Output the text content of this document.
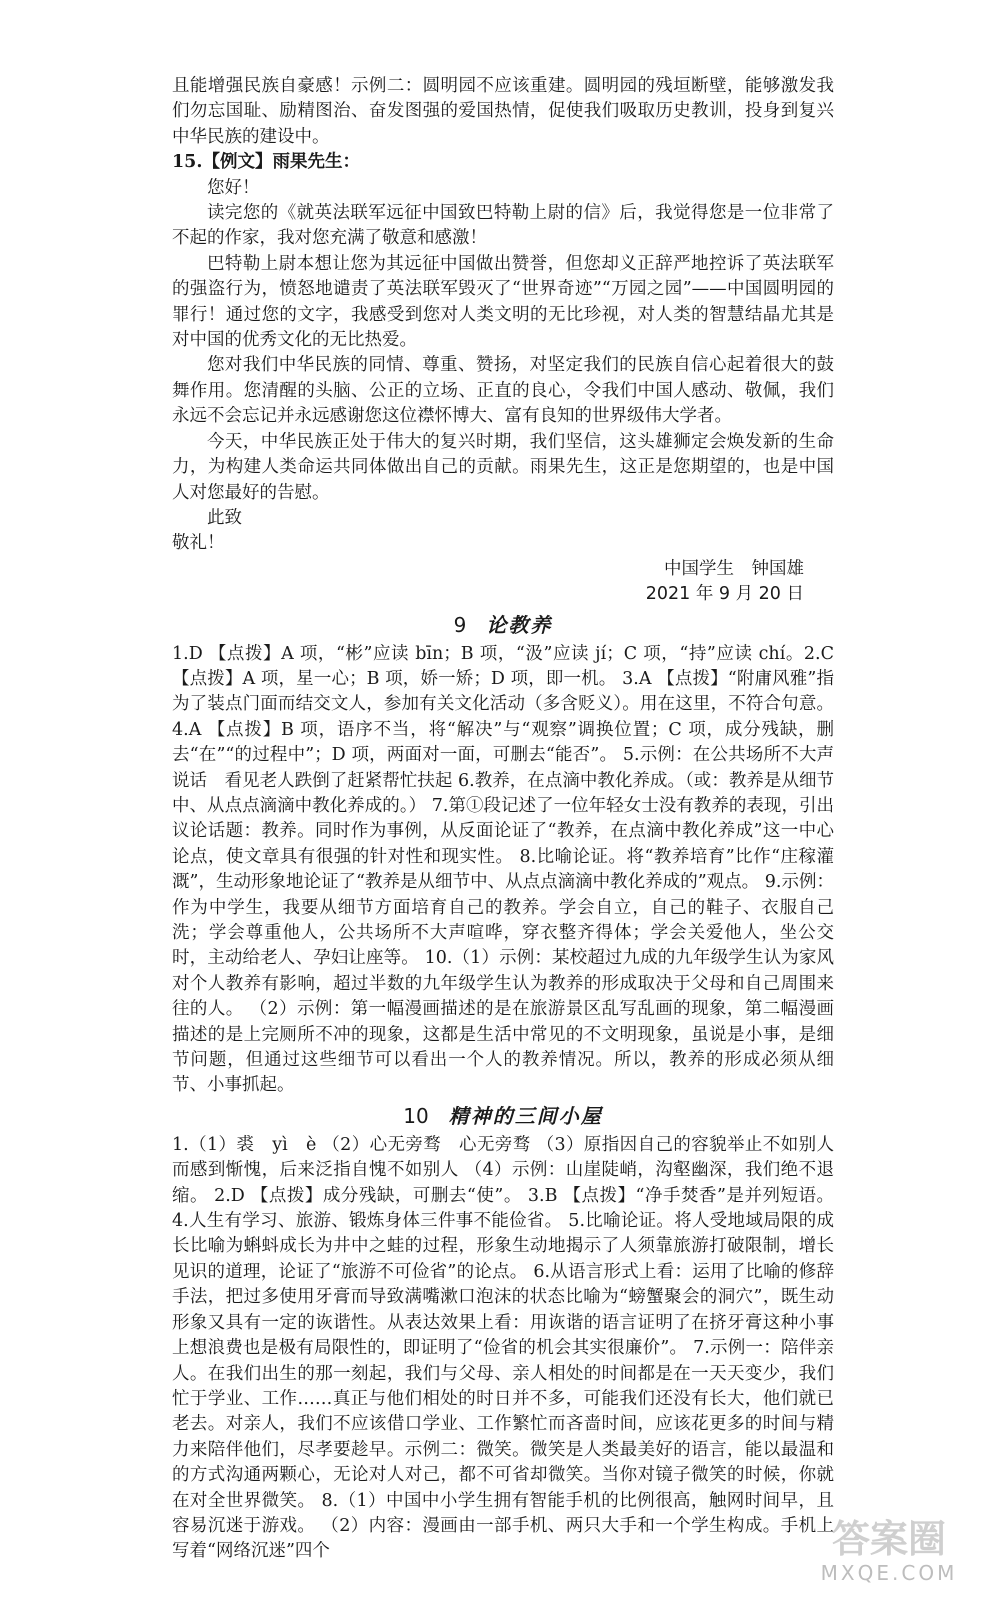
且能增强民族自豪感！示例二：圆明园不应该重建。圆明园的残垣断壁，能够激发我们勿忘国耻、励精图治、奋发图强的爱国热情，促使我们吸取历史教训，投身到复兴中华民族的建设中。

15.【例文】雨果先生：

您好！

读完您的《就英法联军远征中国致巴特勒上尉的信》后，我觉得您是一位非常了不起的作家，我对您充满了敬意和感激！

巴特勒上尉本想让您为其远征中国做出赞誉，但您却义正辞严地控诉了英法联军的强盗行为，愤怒地谴责了英法联军毁灭了“世界奇迹”“万园之园”——中国圆明园的罪行！通过您的文字，我感受到您对人类文明的无比珍视，对人类的智慧结晶尤其是对中国的优秀文化的无比热爱。

您对我们中华民族的同情、尊重、赞扬，对坚定我们的民族自信心起着很大的鼓舞作用。您清醒的头脑、公正的立场、正直的良心，令我们中国人感动、敬佩，我们永远不会忘记并永远感谢您这位襟怀博大、富有良知的世界级伟大学者。

今天，中华民族正处于伟大的复兴时期，我们坚信，这头雄狮定会焕发新的生命力，为构建人类命运共同体做出自己的贡献。雨果先生，这正是您期望的，也是中国人对您最好的告慰。

此致

敬礼！

中国学生　钟国雄

2021 年 9 月 20 日

9 论教养

1.D 【点拨】A 项，“彬”应读 bīn；B 项，“汲”应读 jí；C 项，“持”应读 chí。2.C 【点拨】A 项，星一心；B 项，娇一矫；D 项，即一机。 3.A 【点拨】“附庸风雅”指为了装点门面而结交文人，参加有关文化活动（多含贬义）。用在这里，不符合句意。 4.A 【点拨】B 项，语序不当，将“解决”与“观察”调换位置；C 项，成分残缺，删去“在”“的过程中”；D 项，两面对一面，可删去“能否”。 5.示例：在公共场所不大声说话　看见老人跌倒了赶紧帮忙扶起 6.教养，在点滴中教化养成。（或：教养是从细节中、从点点滴滴中教化养成的。） 7.第①段记述了一位年轻女士没有教养的表现，引出议论话题：教养。同时作为事例，从反面论证了“教养，在点滴中教化养成”这一中心论点，使文章具有很强的针对性和现实性。 8.比喻论证。将“教养培育”比作“庄稼灌溉”，生动形象地论证了“教养是从细节中、从点点滴滴中教化养成的”观点。 9.示例：作为中学生，我要从细节方面培育自己的教养。学会自立，自己的鞋子、衣服自己洗；学会尊重他人，公共场所不大声喧哗，穿衣整齐得体；学会关爱他人，坐公交时，主动给老人、孕妇让座等。 10.（1）示例：某校超过九成的九年级学生认为家风对个人教养有影响，超过半数的九年级学生认为教养的形成取决于父母和自己周围来往的人。 （2）示例：第一幅漫画描述的是在旅游景区乱写乱画的现象，第二幅漫画描述的是上完厕所不冲的现象，这都是生活中常见的不文明现象，虽说是小事，是细节问题，但通过这些细节可以看出一个人的教养情况。所以，教养的形成必须从细节、小事抓起。

10 精神的三间小屋

1.（1）裘　yì　è （2）心无旁骛　心无旁骛 （3）原指因自己的容貌举止不如别人而感到惭愧，后来泛指自愧不如别人 （4）示例：山崖陡峭，沟壑幽深，我们绝不退缩。 2.D 【点拨】成分残缺，可删去“使”。 3.B 【点拨】“净手焚香”是并列短语。 4.人生有学习、旅游、锻炼身体三件事不能俭省。 5.比喻论证。将人受地域局限的成长比喻为蝌蚪成长为井中之蛙的过程，形象生动地揭示了人须靠旅游打破限制，增长见识的道理，论证了“旅游不可俭省”的论点。 6.从语言形式上看：运用了比喻的修辞手法，把过多使用牙膏而导致满嘴漱口泡沫的状态比喻为“螃蟹聚会的洞穴”，既生动形象又具有一定的诙谐性。从表达效果上看：用诙谐的语言证明了在挤牙膏这种小事上想浪费也是极有局限性的，即证明了“俭省的机会其实很廉价”。 7.示例一：陪伴亲人。在我们出生的那一刻起，我们与父母、亲人相处的时间都是在一天天变少，我们忙于学业、工作……真正与他们相处的时日并不多，可能我们还没有长大，他们就已老去。对亲人，我们不应该借口学业、工作繁忙而吝啬时间，应该花更多的时间与精力来陪伴他们，尽孝要趁早。示例二：微笑。微笑是人类最美好的语言，能以最温和的方式沟通两颗心，无论对人对己，都不可省却微笑。当你对镜子微笑的时候，你就在对全世界微笑。 8.（1）中国中小学生拥有智能手机的比例很高，触网时间早，且容易沉迷于游戏。 （2）内容：漫画由一部手机、两只大手和一个学生构成。手机上写着“网络沉迷”四个	答案圈
MXQE.COM
